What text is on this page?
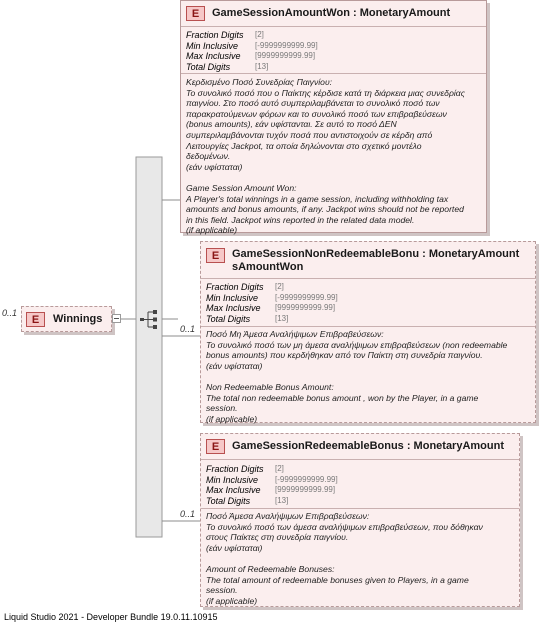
0..1
E	Winnings
E	GameSessionAmountWon : MonetaryAmount
Fraction Digits [2]
Min Inclusive [-9999999999.99]
Max Inclusive [9999999999.99]
Total Digits	[13]
Κερδισμένο Ποσό Συνεδρίας Παιγνίου:
Το συνολικό ποσό που ο Παίκτης κέρδισε κατά τη διάρκεια μιας συνεδρίας
παιγνίου. Στο ποσό αυτό συμπεριλαμβάνεται το συνολικό ποσό των
παρακρατούμενων φόρων και το συνολικό ποσό των επιβραβεύσεων
(bonus amounts), εάν υφίστανται. Σε αυτό το ποσό ΔΕΝ
συμπεριλαμβάνονται τυχόν ποσά που αντιστοιχούν σε κέρδη από
Λειτουργίες Jackpot, τα οποία δηλώνονται στο σχετικό μοντέλο
δεδομένων.
(εάν υφίσταται)

Game Session Amount Won:
A Player's total winnings in a game session, including withholding tax
amounts and bonus amounts, if any. Jackpot wins should not be reported
in this field. Jackpot wins reported in the related data model.
(if applicable)
0..1
E	GameSessionNonRedeemableBonu : MonetaryAmount
sAmountWon
Fraction Digits [2]
Min Inclusive [-9999999999.99]
Max Inclusive [9999999999.99]
Total Digits	[13]
Ποσό Μη Άμεσα Αναλήψιμων Επιβραβεύσεων:
Το συνολικό ποσό των μη άμεσα αναλήψιμων επιβραβεύσεων (non redeemable
bonus amounts) που κερδήθηκαν από τον Παίκτη στη συνεδρία παιγνίου.
(εάν υφίσταται)

Non Redeemable Bonus Amount:
The total non redeemable bonus amount , won by the Player, in a game
session.
(if applicable)
0..1
E	GameSessionRedeemableBonus : MonetaryAmount
Fraction Digits [2]
Min Inclusive [-9999999999.99]
Max Inclusive [9999999999.99]
Total Digits	[13]
Ποσό Άμεσα Αναλήψιμων Επιβραβεύσεων:
Το συνολικό ποσό των άμεσα αναλήψιμων επιβραβεύσεων, που δόθηκαν
στους Παίκτες στη συνεδρία παιγνίου.
(εάν υφίσταται)

Amount of Redeemable Bonuses:
The total amount of redeemable bonuses given to Players, in a game
session.
(if applicable)
Liquid Studio 2021 - Developer Bundle 19.0.11.10915
